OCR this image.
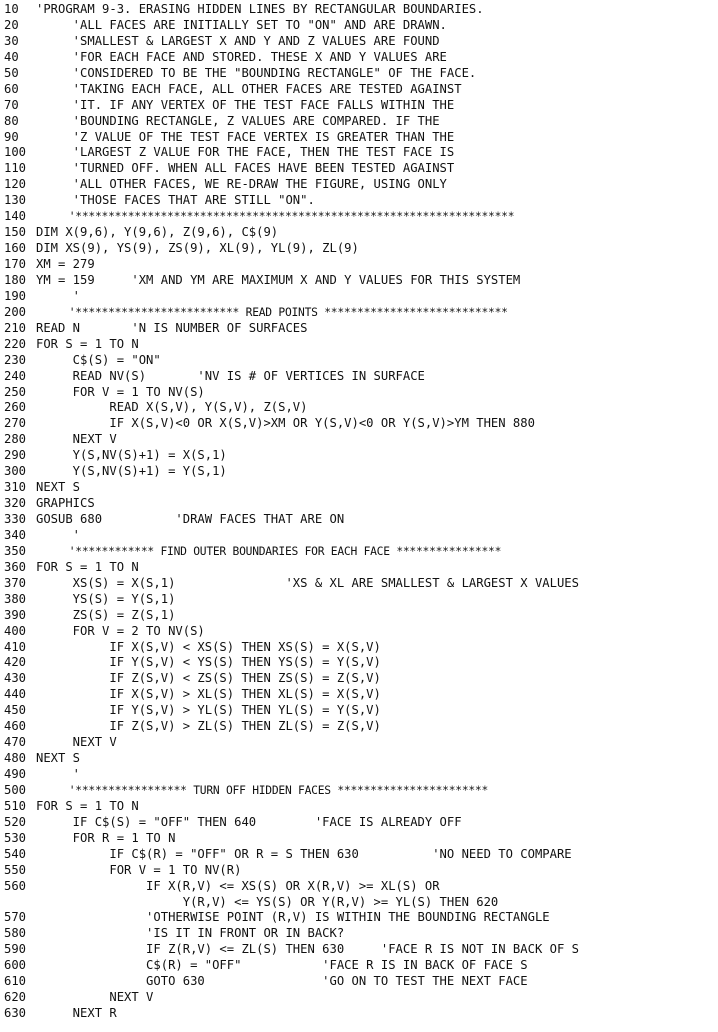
10	'PROGRAM 9-3. ERASING HIDDEN LINES BY RECTANGULAR BOUNDARIES.
20	'ALL FACES ARE INITIALLY SET TO "ON" AND ARE DRAWN.
30	'SMALLEST & LARGEST X AND Y AND Z VALUES ARE FOUND
40	'FOR EACH FACE AND STORED. THESE X AND Y VALUES ARE
50	'CONSIDERED TO BE THE "BOUNDING RECTANGLE" OF THE FACE.
60	'TAKING EACH FACE, ALL OTHER FACES ARE TESTED AGAINST
70	'IT. IF ANY VERTEX OF THE TEST FACE FALLS WITHIN THE
80	'BOUNDING RECTANGLE, Z VALUES ARE COMPARED. IF THE
90	'Z VALUE OF THE TEST FACE VERTEX IS GREATER THAN THE
100 'LARGEST Z VALUE FOR THE FACE, THEN THE TEST FACE IS
110 'TURNED OFF. WHEN ALL FACES HAVE BEEN TESTED AGAINST
120 'ALL OTHER FACES, WE RE-DRAW THE FIGURE, USING ONLY
130 'THOSE FACES THAT ARE STILL "ON".
140 '*******************************************************************
150 DIM X(9,6), Y(9,6), Z(9,6), C$(9)
160 DIM XS(9), YS(9), ZS(9), XL(9), YL(9), ZL(9)
170 XM = 279
180 YM = 159     'XM AND YM ARE MAXIMUM X AND Y VALUES FOR THIS SYSTEM
190 '
200 '************************* READ POINTS ****************************
210 READ N       'N IS NUMBER OF SURFACES
220 FOR S = 1 TO N
230 C$(S) = "ON"
240 READ NV(S)       'NV IS # OF VERTICES IN SURFACE
250 FOR V = 1 TO NV(S)
260 READ X(S,V), Y(S,V), Z(S,V)
270 IF X(S,V)<0 OR X(S,V)>XM OR Y(S,V)<0 OR Y(S,V)>YM THEN 880
280 NEXT V
290 Y(S,NV(S)+1) = X(S,1)
300 Y(S,NV(S)+1) = Y(S,1)
310 NEXT S
320 GRAPHICS
330 GOSUB 680          'DRAW FACES THAT ARE ON
340 '
350 '************ FIND OUTER BOUNDARIES FOR EACH FACE ****************
360 FOR S = 1 TO N
370 XS(S) = X(S,1)               'XS & XL ARE SMALLEST & LARGEST X VALUES
380 YS(S) = Y(S,1)
390 ZS(S) = Z(S,1)
400 FOR V = 2 TO NV(S)
410 IF X(S,V) < XS(S) THEN XS(S) = X(S,V)
420 IF Y(S,V) < YS(S) THEN YS(S) = Y(S,V)
430 IF Z(S,V) < ZS(S) THEN ZS(S) = Z(S,V)
440 IF X(S,V) > XL(S) THEN XL(S) = X(S,V)
450 IF Y(S,V) > YL(S) THEN YL(S) = Y(S,V)
460 IF Z(S,V) > ZL(S) THEN ZL(S) = Z(S,V)
470 NEXT V
480 NEXT S
490 '
500 '***************** TURN OFF HIDDEN FACES ***********************
510 FOR S = 1 TO N
520 IF C$(S) = "OFF" THEN 640        'FACE IS ALREADY OFF
530 FOR R = 1 TO N
540 IF C$(R) = "OFF" OR R = S THEN 630          'NO NEED TO COMPARE
550 FOR V = 1 TO NV(R)
560 IF X(R,V) <= XS(S) OR X(R,V) >= XL(S) OR
Y(R,V) <= YS(S) OR Y(R,V) >= YL(S) THEN 620
570 'OTHERWISE POINT (R,V) IS WITHIN THE BOUNDING RECTANGLE
580 'IS IT IN FRONT OR IN BACK?
590 IF Z(R,V) <= ZL(S) THEN 630     'FACE R IS NOT IN BACK OF S
600 C$(R) = "OFF"           'FACE R IS IN BACK OF FACE S
610 GOTO 630                'GO ON TO TEST THE NEXT FACE
620 NEXT V
630 NEXT R
